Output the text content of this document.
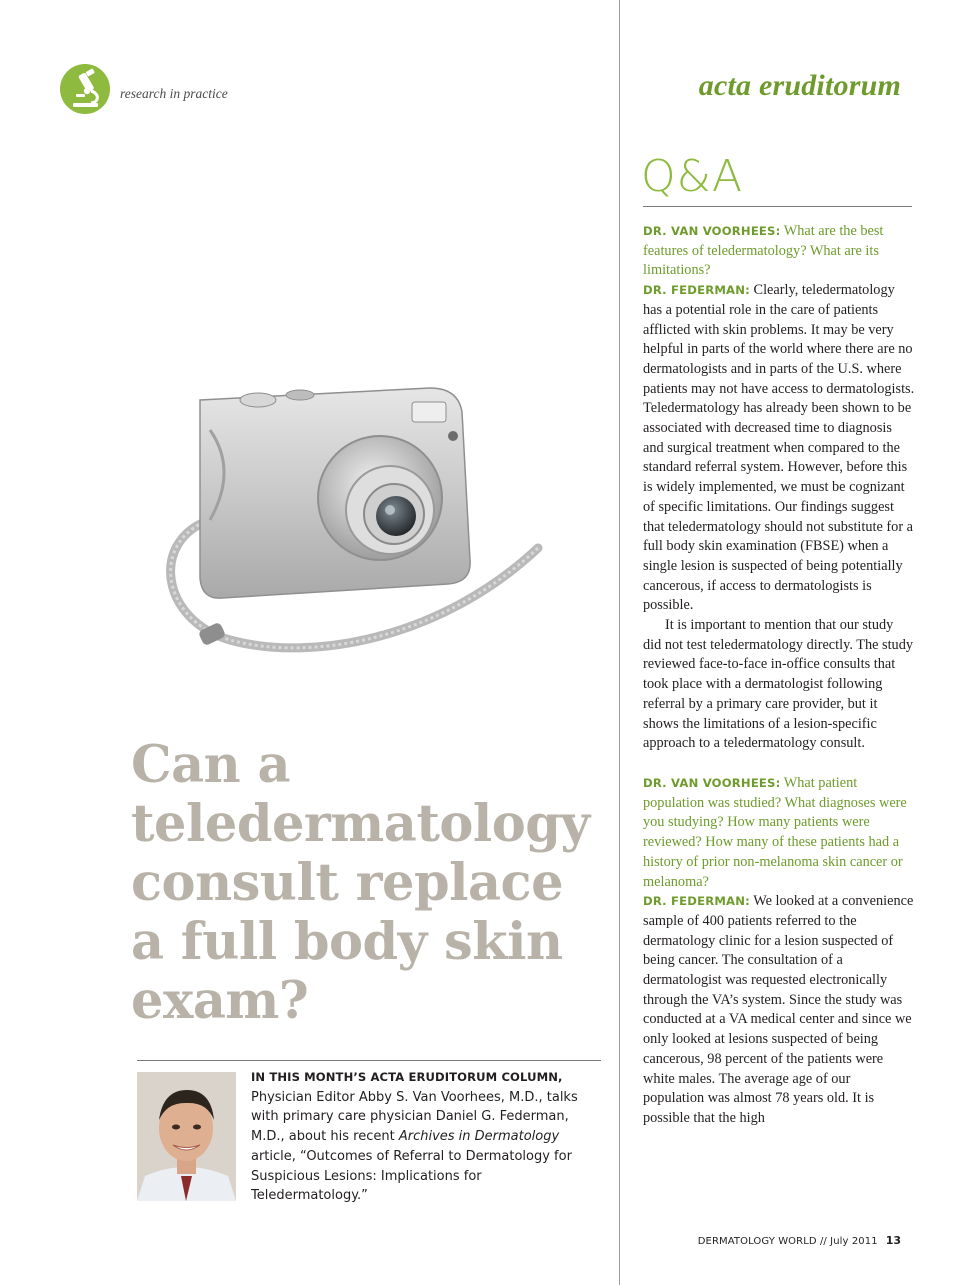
research in practice	acta eruditorum
Q&A

DR. VAN VOORHEES: What are the best features of teledermatology? What are its limitations?

DR. FEDERMAN: Clearly, teledermatology has a potential role in the care of patients afflicted with skin problems. It may be very helpful in parts of the world where there are no dermatologists and in parts of the U.S. where patients may not have access to dermatologists. Teledermatology has already been shown to be associated with decreased time to diagnosis and surgical treatment when compared to the standard referral system. However, before this is widely implemented, we must be cognizant of specific limitations. Our findings suggest that teledermatology should not substitute for a full body skin examination (FBSE) when a single lesion is suspected of being potentially cancerous, if access to dermatologists is possible.

It is important to mention that our study did not test teledermatology directly. The study reviewed face-to-face in-office consults that took place with a dermatologist following referral by a primary care provider, but it shows the limitations of a lesion-specific approach to a teledermatology consult.

DR. VAN VOORHEES: What patient population was studied? What diagnoses were you studying? How many patients were reviewed? How many of these patients had a history of prior non-melanoma skin cancer or melanoma?

DR. FEDERMAN: We looked at a convenience sample of 400 patients referred to the dermatology clinic for a lesion suspected of being cancer. The consultation of a dermatologist was requested electronically through the VA’s system. Since the study was conducted at a VA medical center and since we only looked at lesions suspected of being cancerous, 98 percent of the patients were white males. The average age of our population was almost 78 years old. It is possible that the high

Can a teledermatology consult replace a full body skin exam?
IN THIS MONTH’S ACTA ERUDITORUM COLUMN, Physician Editor Abby S. Van Voorhees, M.D., talks with primary care physician Daniel G. Federman, M.D., about his recent Archives in Dermatology article, “Outcomes of Referral to Dermatology for Suspicious Lesions: Implications for Teledermatology.”
DERMATOLOGY WORLD // July 2011 13
